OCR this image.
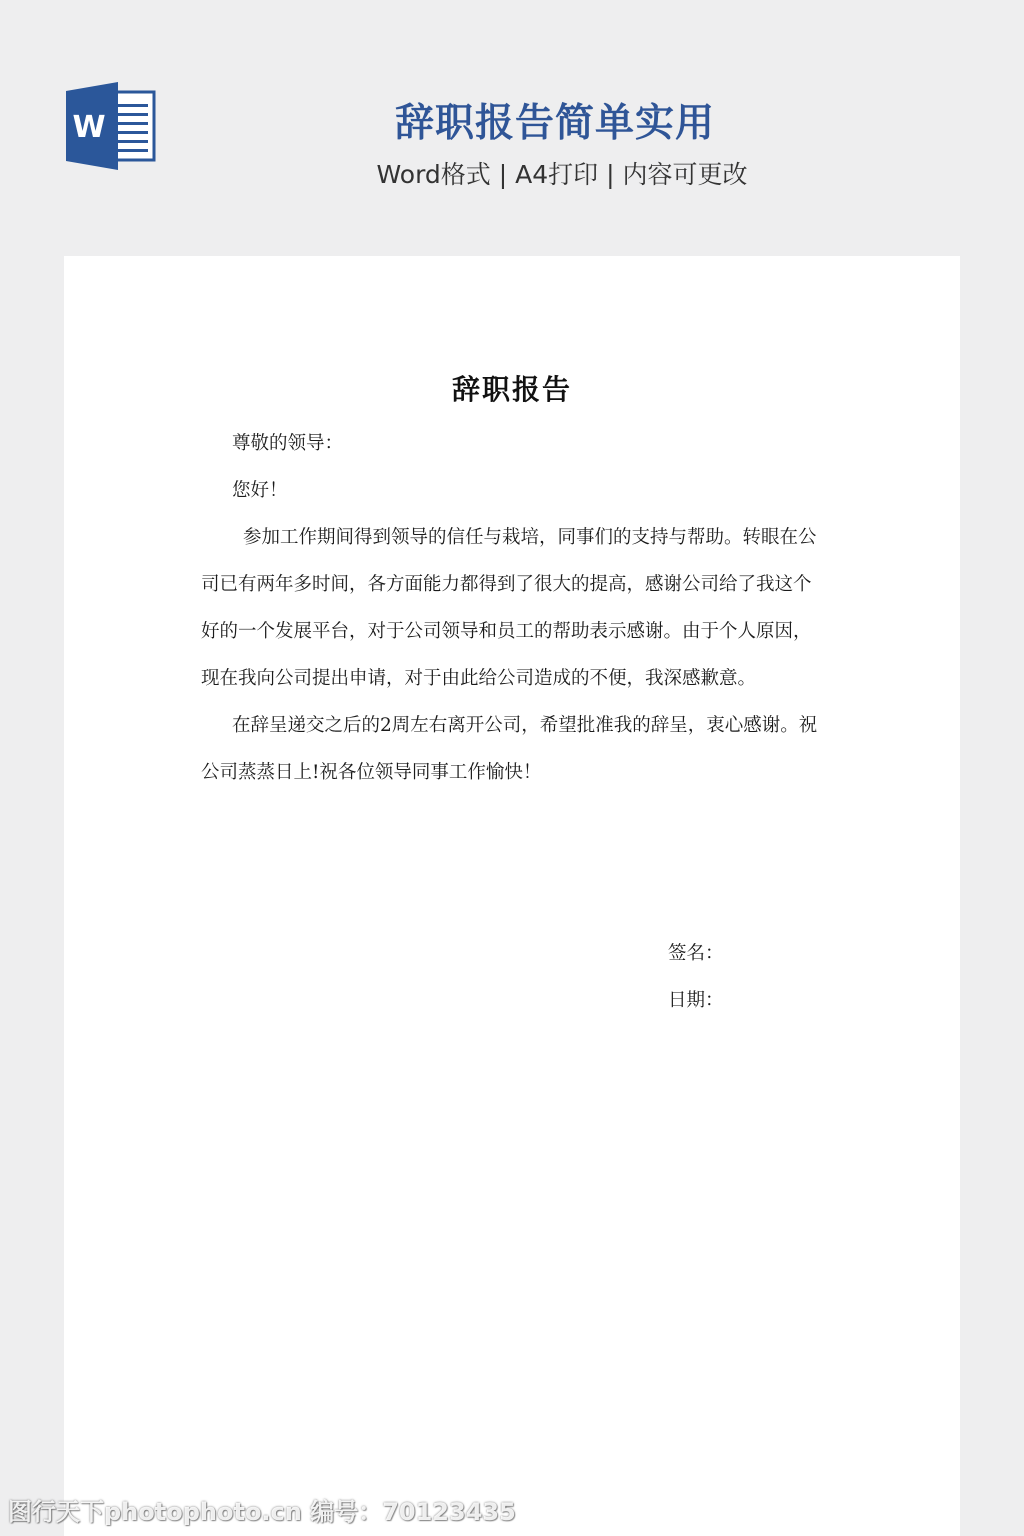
W	辞职报告简单实用

Word格式 | A4打印 | 内容可更改

辞职报告

尊敬的领导：

您好！

参加工作期间得到领导的信任与栽培，同事们的支持与帮助。转眼在公司已有两年多时间，各方面能力都得到了很大的提高，感谢公司给了我这个好的一个发展平台，对于公司领导和员工的帮助表示感谢。由于个人原因，现在我向公司提出申请，对于由此给公司造成的不便，我深感歉意。

在辞呈递交之后的2周左右离开公司，希望批准我的辞呈，衷心感谢。祝公司蒸蒸日上!祝各位领导同事工作愉快！

签名：

日期：

图行天下photophoto.cn 编号：70123435
